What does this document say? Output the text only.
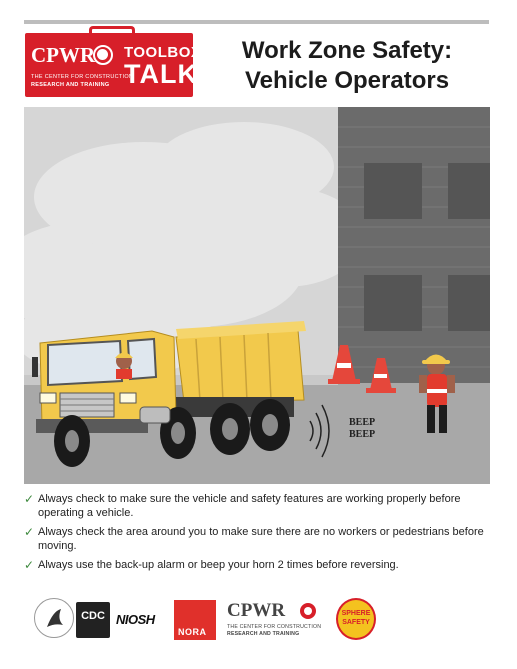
CPWR
THE CENTER FOR CONSTRUCTION
RESEARCH AND TRAINING
TOOLBOX
TALK
Work Zone Safety:
Vehicle Operators
BEEP
BEEP
✓ Always check to make sure the vehicle and safety features are working properly before operating a vehicle.
✓ Always check the area around you to make sure there are no workers or pedestrians before moving.
✓ Always use the back-up alarm or beep your horn 2 times before reversing.
CDC NIOSH
NORA
CPWR
THE CENTER FOR CONSTRUCTION
RESEARCH AND TRAINING
SPHERE
SAFETY
